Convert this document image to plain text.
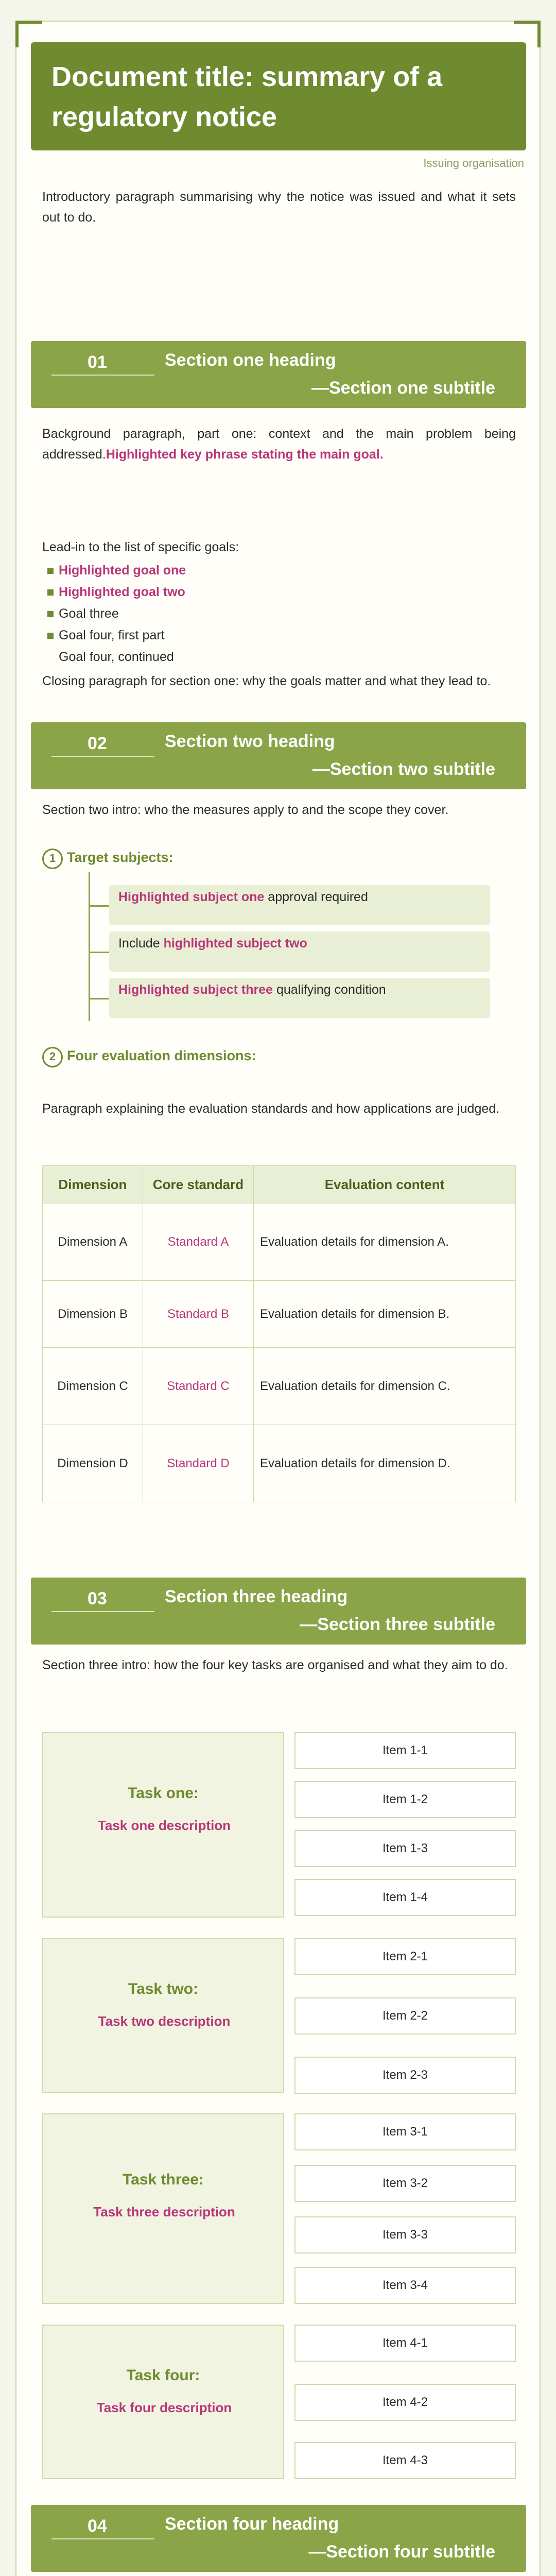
Document title: summary of a regulatory notice
Issuing organisation
Introductory paragraph summarising why the notice was issued and what it sets out to do.
01	Section one heading
—Section one subtitle
Background paragraph, part one: context and the main problem being addressed.Highlighted key phrase stating the main goal.
Lead-in to the list of specific goals:
Highlighted goal one
Highlighted goal two
Goal three
Goal four, first part
Goal four, continued
Closing paragraph for section one: why the goals matter and what they lead to.
02	Section two heading
—Section two subtitle
Section two intro: who the measures apply to and the scope they cover.
1 Target subjects:
Highlighted subject one approval required
Include highlighted subject two
Highlighted subject three qualifying condition
2 Four evaluation dimensions:
Paragraph explaining the evaluation standards and how applications are judged.
Dimension	Core standard	Evaluation content
Dimension A	Standard A	Evaluation details for dimension A.
Dimension B	Standard B	Evaluation details for dimension B.
Dimension C	Standard C	Evaluation details for dimension C.
Dimension D	Standard D	Evaluation details for dimension D.
03	Section three heading
—Section three subtitle
Section three intro: how the four key tasks are organised and what they aim to do.
Task one:
Task one description
Item 1-1
Item 1-2
Item 1-3
Item 1-4
Task two:
Task two description
Item 2-1
Item 2-2
Item 2-3
Task three:
Task three description
Item 3-1
Item 3-2
Item 3-3
Item 3-4
Task four:
Task four description
Item 4-1
Item 4-2
Item 4-3
04	Section four heading
—Section four subtitle
